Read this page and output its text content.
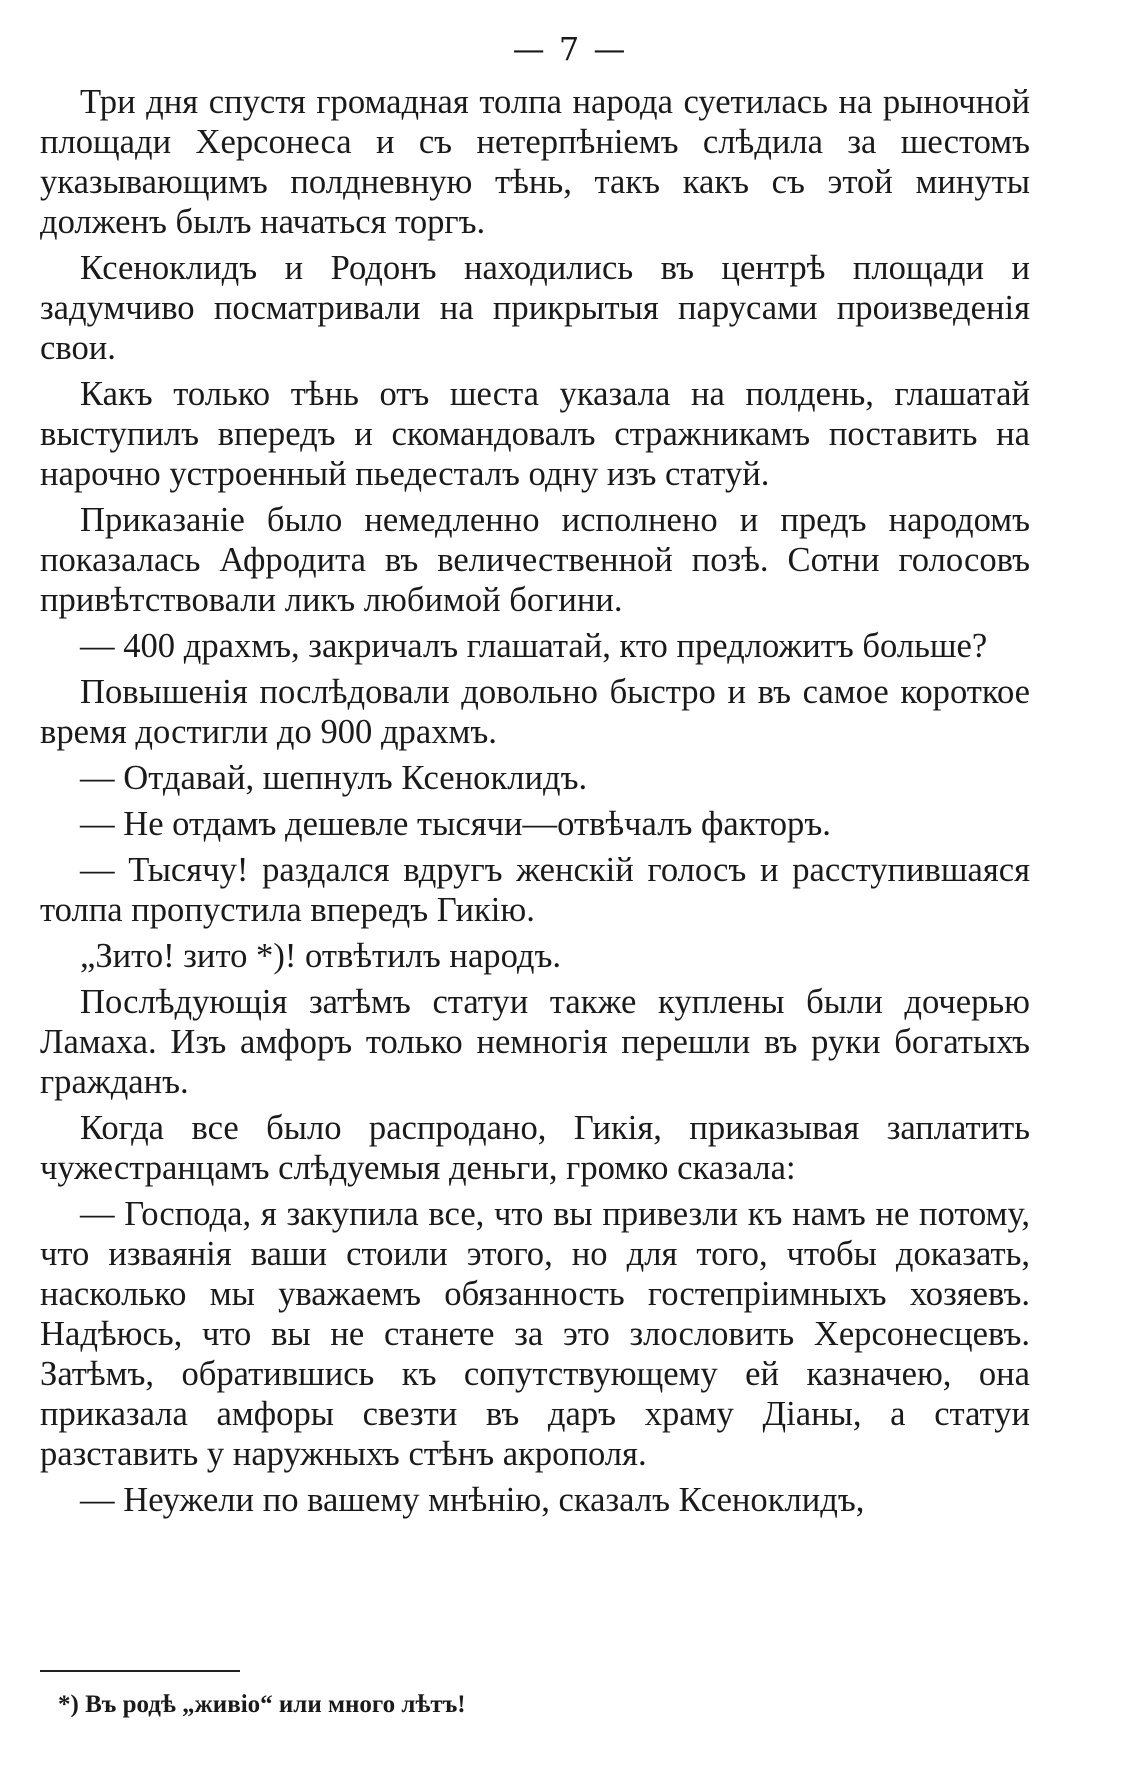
— 7 —

Три дня спустя громадная толпа народа суетилась на рыночной площади Херсонеса и съ нетерпѣніемъ слѣдила за шестомъ указывающимъ полдневную тѣнь, такъ какъ съ этой минуты долженъ былъ начаться торгъ.

Ксеноклидъ и Родонъ находились въ центрѣ площади и задумчиво посматривали на прикрытыя парусами произведенія свои.

Какъ только тѣнь отъ шеста указала на полдень, глашатай выступилъ впередъ и скомандовалъ стражникамъ поставить на нарочно устроенный пьедесталъ одну изъ статуй.

Приказаніе было немедленно исполнено и предъ народомъ показалась Афродита въ величественной позѣ. Сотни голосовъ привѣтствовали ликъ любимой богини.

— 400 драхмъ, закричалъ глашатай, кто предложитъ больше?

Повышенія послѣдовали довольно быстро и въ самое короткое время достигли до 900 драхмъ.

— Отдавай, шепнулъ Ксеноклидъ.

— Не отдамъ дешевле тысячи—отвѣчалъ факторъ.

— Тысячу! раздался вдругъ женскій голосъ и расступившаяся толпа пропустила впередъ Гикію.

„Зито! зито *)! отвѣтилъ народъ.

Послѣдующія затѣмъ статуи также куплены были дочерью Ламаха. Изъ амфоръ только немногія перешли въ руки богатыхъ гражданъ.

Когда все было распродано, Гикія, приказывая заплатить чужестранцамъ слѣдуемыя деньги, громко сказала:

— Господа, я закупила все, что вы привезли къ намъ не потому, что изваянія ваши стоили этого, но для того, чтобы доказать, насколько мы уважаемъ обязанность гостепріимныхъ хозяевъ. Надѣюсь, что вы не станете за это злословить Херсонесцевъ. Затѣмъ, обратившись къ сопутствующему ей казначею, она приказала амфоры свезти въ даръ храму Діаны, а статуи разставить у наружныхъ стѣнъ акрополя.

— Неужели по вашему мнѣнію, сказалъ Ксеноклидъ,

*) Въ родѣ „живіо“ или много лѣтъ!
